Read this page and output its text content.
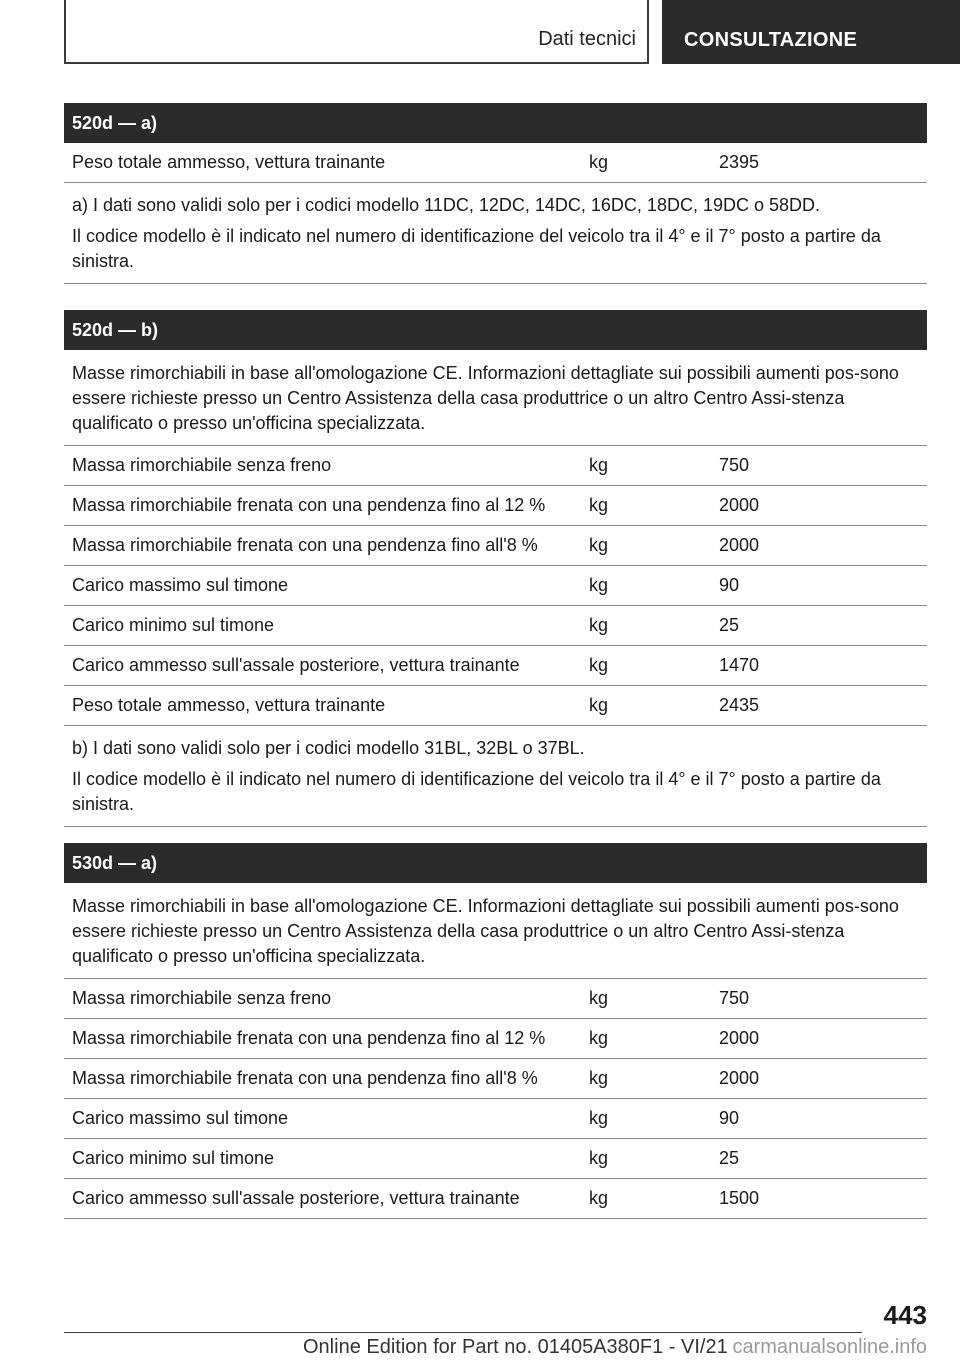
Dati tecnici CONSULTAZIONE
520d — a)
Peso totale ammesso, vettura trainante	kg	2395

a) I dati sono validi solo per i codici modello 11DC, 12DC, 14DC, 16DC, 18DC, 19DC o 58DD.

Il codice modello è il indicato nel numero di identificazione del veicolo tra il 4° e il 7° posto a partire da sinistra.

520d — b)
Masse rimorchiabili in base all'omologazione CE. Informazioni dettagliate sui possibili aumenti pos-sono essere richieste presso un Centro Assistenza della casa produttrice o un altro Centro Assi-stenza qualificato o presso un'officina specializzata.
Massa rimorchiabile senza freno	kg	750
Massa rimorchiabile frenata con una pendenza fino al 12 %	kg	2000
Massa rimorchiabile frenata con una pendenza fino all'8 %	kg	2000
Carico massimo sul timone	kg	90
Carico minimo sul timone	kg	25
Carico ammesso sull'assale posteriore, vettura trainante	kg	1470
Peso totale ammesso, vettura trainante	kg	2435

b) I dati sono validi solo per i codici modello 31BL, 32BL o 37BL.

Il codice modello è il indicato nel numero di identificazione del veicolo tra il 4° e il 7° posto a partire da sinistra.

530d — a)
Masse rimorchiabili in base all'omologazione CE. Informazioni dettagliate sui possibili aumenti pos-sono essere richieste presso un Centro Assistenza della casa produttrice o un altro Centro Assi-stenza qualificato o presso un'officina specializzata.
Massa rimorchiabile senza freno	kg	750
Massa rimorchiabile frenata con una pendenza fino al 12 %	kg	2000
Massa rimorchiabile frenata con una pendenza fino all'8 %	kg	2000
Carico massimo sul timone	kg	90
Carico minimo sul timone	kg	25
Carico ammesso sull'assale posteriore, vettura trainante	kg	1500
443
Online Edition for Part no. 01405A380F1 - VI/21 carmanualsonline.info
